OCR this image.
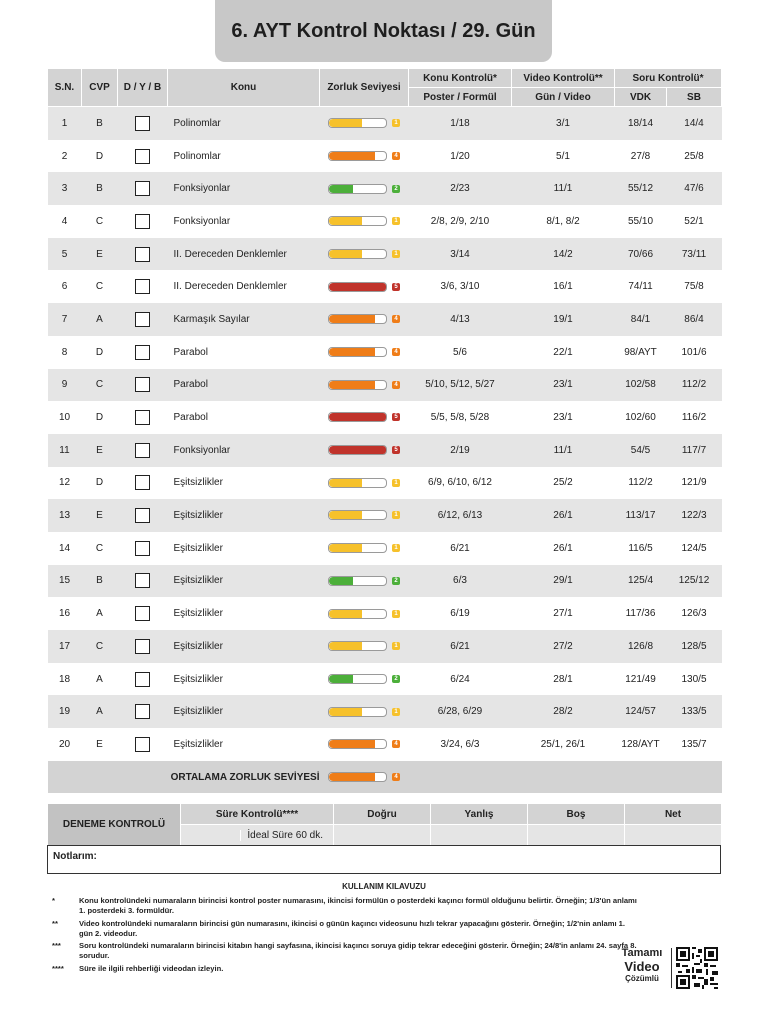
6. AYT Kontrol Noktası / 29. Gün
S.N.	CVP	D / Y / B	Konu	Zorluk Seviyesi	Konu Kontrolü*	Video Kontrolü**	Soru Kontrolü*	
					Poster / Formül	Gün / Video	VDK	SB
1	B		Polinomlar	1	1/18	3/1	18/14	14/4
2	D		Polinomlar	4	1/20	5/1	27/8	25/8
3	B		Fonksiyonlar	2	2/23	11/1	55/12	47/6
4	C		Fonksiyonlar	1	2/8, 2/9, 2/10	8/1, 8/2	55/10	52/1
5	E		II. Dereceden Denklemler	1	3/14	14/2	70/66	73/11
6	C		II. Dereceden Denklemler	5	3/6, 3/10	16/1	74/11	75/8
7	A		Karmaşık Sayılar	4	4/13	19/1	84/1	86/4
8	D		Parabol	4	5/6	22/1	98/AYT	101/6
9	C		Parabol	4	5/10, 5/12, 5/27	23/1	102/58	112/2
10	D		Parabol	5	5/5, 5/8, 5/28	23/1	102/60	116/2
11	E		Fonksiyonlar	5	2/19	11/1	54/5	117/7
12	D		Eşitsizlikler	1	6/9, 6/10, 6/12	25/2	112/2	121/9
13	E		Eşitsizlikler	1	6/12, 6/13	26/1	113/17	122/3
14	C		Eşitsizlikler	1	6/21	26/1	116/5	124/5
15	B		Eşitsizlikler	2	6/3	29/1	125/4	125/12
16	A		Eşitsizlikler	1	6/19	27/1	117/36	126/3
17	C		Eşitsizlikler	1	6/21	27/2	126/8	128/5
18	A		Eşitsizlikler	2	6/24	28/1	121/49	130/5
19	A		Eşitsizlikler	1	6/28, 6/29	28/2	124/57	133/5
20	E		Eşitsizlikler	4	3/24, 6/3	25/1, 26/1	128/AYT	135/7
ORTALAMA ZORLUK SEVİYESİ				4				
DENEME KONTROLÜ	Süre Kontrolü****	Doğru	Yanlış	Boş	Net
	İdeal Süre 60 dk.				
Notlarım:
KULLANIM KILAVUZU
*	Konu kontrolündeki numaraların birincisi kontrol poster numarasını, ikincisi formülün o posterdeki kaçıncı formül olduğunu belirtir. Örneğin; 1/3'ün anlamı 1. posterdeki 3. formüldür.
**	Video kontrolündeki numaraların birincisi gün numarasını, ikincisi o günün kaçıncı videosunu hızlı tekrar yapacağını gösterir. Örneğin; 1/2'nin anlamı 1. gün 2. videodur.
*** Soru kontrolündeki numaraların birincisi kitabın hangi sayfasına, ikincisi kaçıncı soruya gidip tekrar edeceğini gösterir. Örneğin; 24/8'in anlamı 24. sayfa 8. sorudur.
**** Süre ile ilgili rehberliği videodan izleyin.
Tamamı
Video
Çözümlü
